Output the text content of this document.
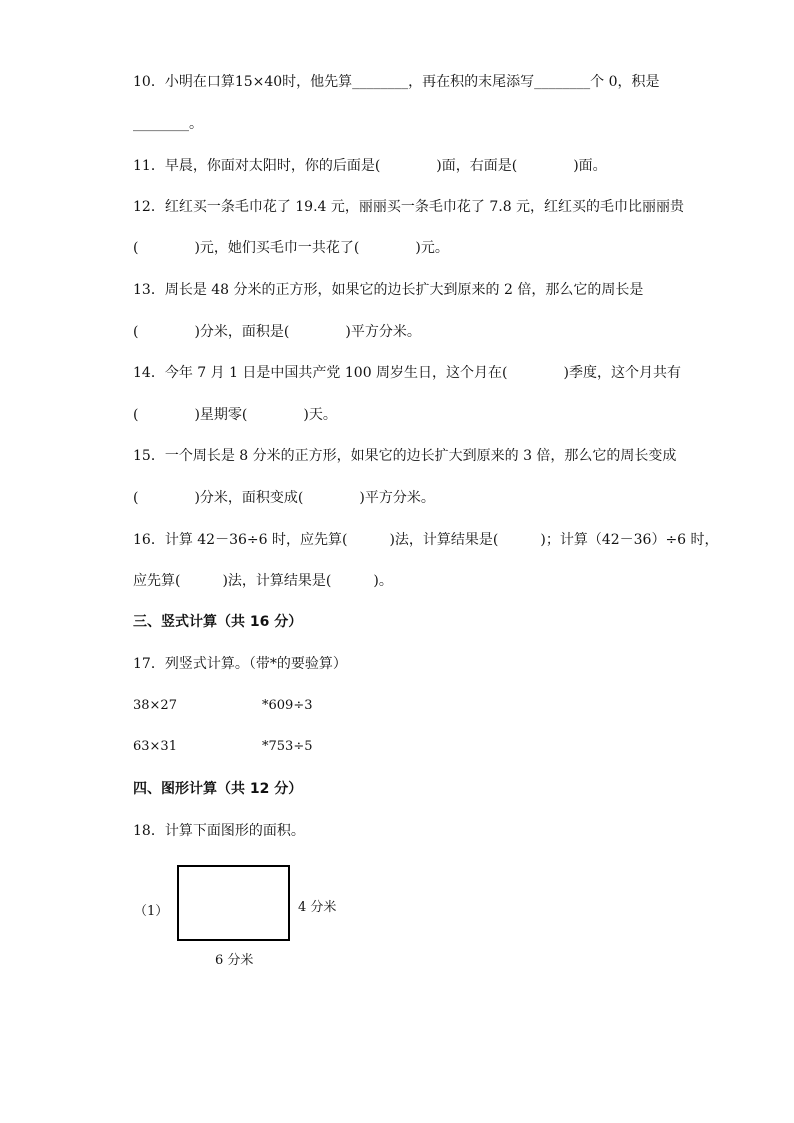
10．小明在口算15×40时，他先算________，再在积的末尾添写________个 0，积是
________。
11．早晨，你面对太阳时，你的后面是(　　　　)面，右面是(　　　　)面。
12．红红买一条毛巾花了 19.4 元，丽丽买一条毛巾花了 7.8 元，红红买的毛巾比丽丽贵
(　　　　)元，她们买毛巾一共花了(　　　　)元。
13．周长是 48 分米的正方形，如果它的边长扩大到原来的 2 倍，那么它的周长是
(　　　　)分米，面积是(　　　　)平方分米。
14．今年 7 月 1 日是中国共产党 100 周岁生日，这个月在(　　　　)季度，这个月共有
(　　　　)星期零(　　　　)天。
15．一个周长是 8 分米的正方形，如果它的边长扩大到原来的 3 倍，那么它的周长变成
(　　　　)分米，面积变成(　　　　)平方分米。
16．计算 42－36÷6 时，应先算(　　　)法，计算结果是(　　　)；计算（42－36）÷6 时，
应先算(　　　)法，计算结果是(　　　)。
三、竖式计算（共 16 分）
17．列竖式计算。（带*的要验算）
38×27	*609÷3
63×31	*753÷5
四、图形计算（共 12 分）
18．计算下面图形的面积。
（1）	4 分米
6 分米
